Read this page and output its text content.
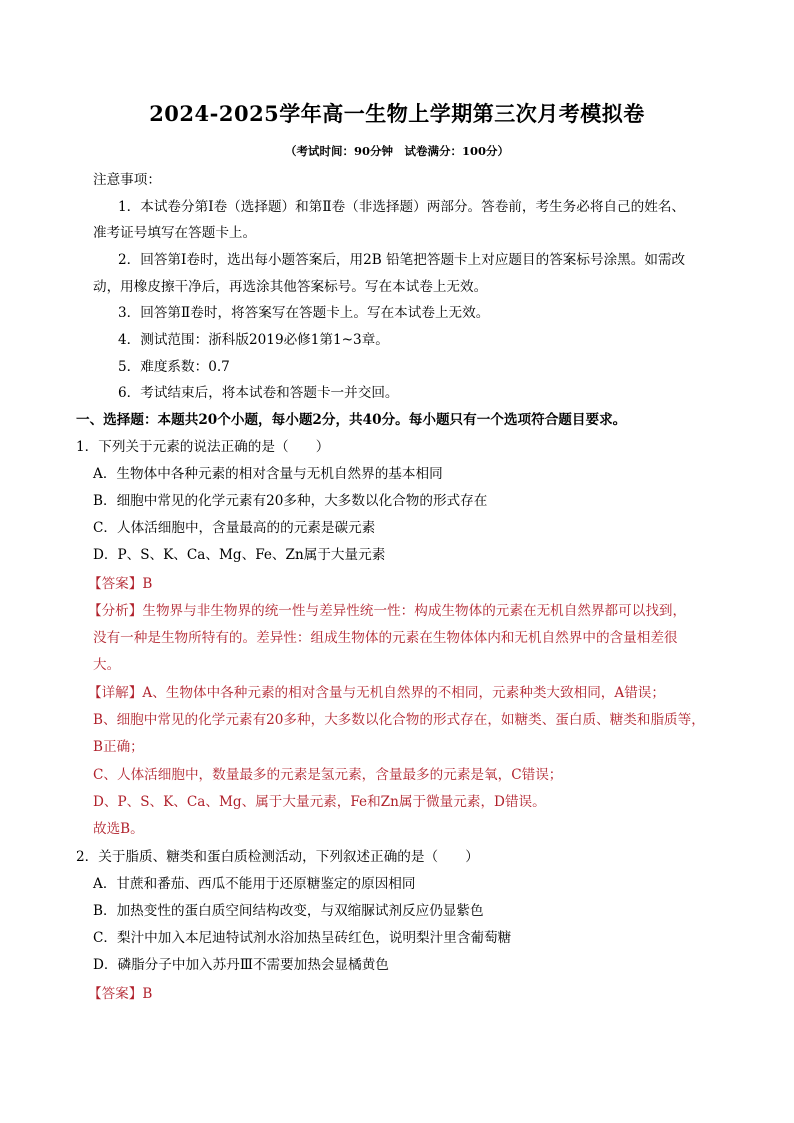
2024-2025学年高一生物上学期第三次月考模拟卷
（考试时间：90分钟　试卷满分：100分）
注意事项：
1．本试卷分第Ⅰ卷（选择题）和第Ⅱ卷（非选择题）两部分。答卷前，考生务必将自己的姓名、
准考证号填写在答题卡上。
2．回答第Ⅰ卷时，选出每小题答案后，用2B 铅笔把答题卡上对应题目的答案标号涂黑。如需改
动，用橡皮擦干净后，再选涂其他答案标号。写在本试卷上无效。
3．回答第Ⅱ卷时，将答案写在答题卡上。写在本试卷上无效。
4．测试范围：浙科版2019必修1第1~3章。
5．难度系数：0.7
6．考试结束后，将本试卷和答题卡一并交回。
一、选择题：本题共20个小题，每小题2分，共40分。每小题只有一个选项符合题目要求。
1．下列关于元素的说法正确的是（　　）
A．生物体中各种元素的相对含量与无机自然界的基本相同
B．细胞中常见的化学元素有20多种，大多数以化合物的形式存在
C．人体活细胞中，含量最高的的元素是碳元素
D．P、S、K、Ca、Mg、Fe、Zn属于大量元素
【答案】B
【分析】生物界与非生物界的统一性与差异性统一性：构成生物体的元素在无机自然界都可以找到，
没有一种是生物所特有的。差异性：组成生物体的元素在生物体体内和无机自然界中的含量相差很
大。
【详解】A、生物体中各种元素的相对含量与无机自然界的不相同，元素种类大致相同，A错误；
B、细胞中常见的化学元素有20多种，大多数以化合物的形式存在，如糖类、蛋白质、糖类和脂质等，
B正确；
C、人体活细胞中，数量最多的元素是氢元素，含量最多的元素是氧，C错误；
D、P、S、K、Ca、Mg、属于大量元素，Fe和Zn属于微量元素，D错误。
故选B。
2．关于脂质、糖类和蛋白质检测活动，下列叙述正确的是（　　）
A．甘蔗和番茄、西瓜不能用于还原糖鉴定的原因相同
B．加热变性的蛋白质空间结构改变，与双缩脲试剂反应仍显紫色
C．梨汁中加入本尼迪特试剂水浴加热呈砖红色，说明梨汁里含葡萄糖
D．磷脂分子中加入苏丹Ⅲ不需要加热会显橘黄色
【答案】B
